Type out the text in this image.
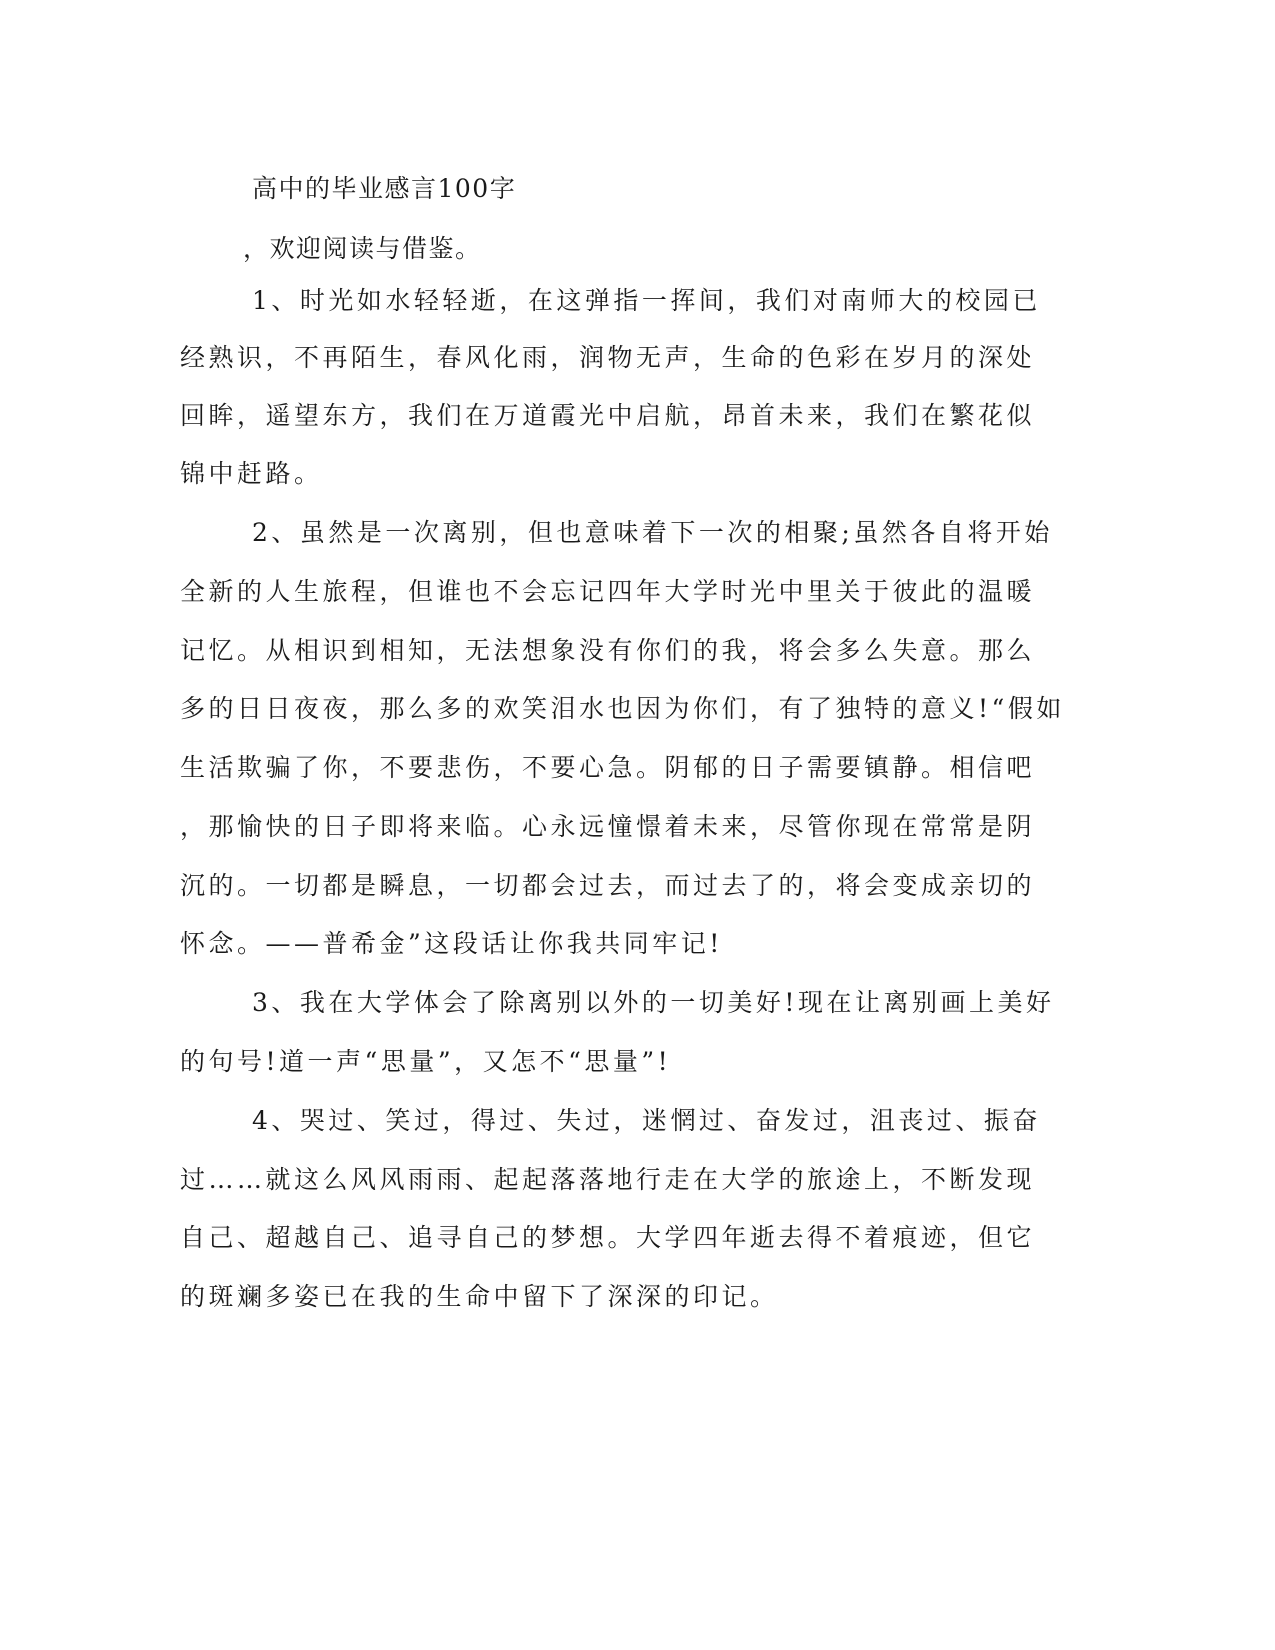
高中的毕业感言100字
，欢迎阅读与借鉴。
1、时光如水轻轻逝，在这弹指一挥间，我们对南师大的校园已
经熟识，不再陌生，春风化雨，润物无声，生命的色彩在岁月的深处
回眸，遥望东方，我们在万道霞光中启航，昂首未来，我们在繁花似
锦中赶路。
2、虽然是一次离别，但也意味着下一次的相聚;虽然各自将开始
全新的人生旅程，但谁也不会忘记四年大学时光中里关于彼此的温暖
记忆。从相识到相知，无法想象没有你们的我，将会多么失意。那么
多的日日夜夜，那么多的欢笑泪水也因为你们，有了独特的意义!“假如
生活欺骗了你，不要悲伤，不要心急。阴郁的日子需要镇静。相信吧
，那愉快的日子即将来临。心永远憧憬着未来，尽管你现在常常是阴
沉的。一切都是瞬息，一切都会过去，而过去了的，将会变成亲切的
怀念。——普希金”这段话让你我共同牢记!
3、我在大学体会了除离别以外的一切美好!现在让离别画上美好
的句号!道一声“思量”，又怎不“思量”!
4、哭过、笑过，得过、失过，迷惘过、奋发过，沮丧过、振奋
过……就这么风风雨雨、起起落落地行走在大学的旅途上，不断发现
自己、超越自己、追寻自己的梦想。大学四年逝去得不着痕迹，但它
的斑斓多姿已在我的生命中留下了深深的印记。
